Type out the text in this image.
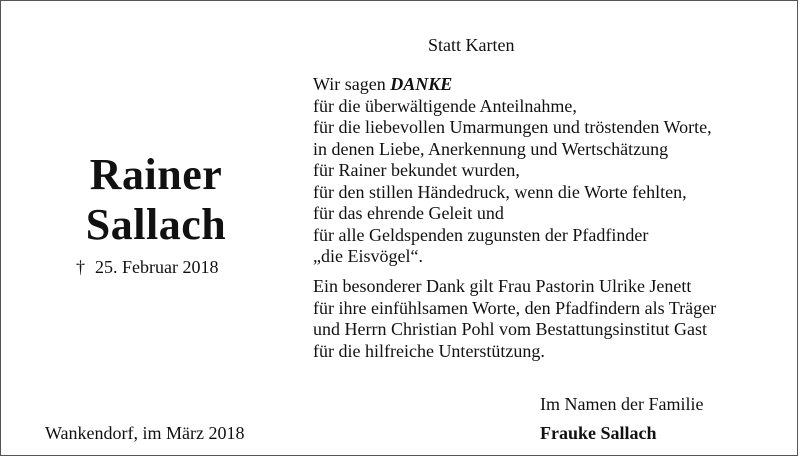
Statt Karten
Rainer
Sallach
† 25. Februar 2018
Wir sagen DANKE
für die überwältigende Anteilnahme,
für die liebevollen Umarmungen und tröstenden Worte,
in denen Liebe, Anerkennung und Wertschätzung
für Rainer bekundet wurden,
für den stillen Händedruck, wenn die Worte fehlten,
für das ehrende Geleit und
für alle Geldspenden zugunsten der Pfadfinder
„die Eisvögel“.
Ein besonderer Dank gilt Frau Pastorin Ulrike Jenett
für ihre einfühlsamen Worte, den Pfadfindern als Träger
und Herrn Christian Pohl vom Bestattungsinstitut Gast
für die hilfreiche Unterstützung.
Im Namen der Familie
Wankendorf, im März 2018	Frauke Sallach
